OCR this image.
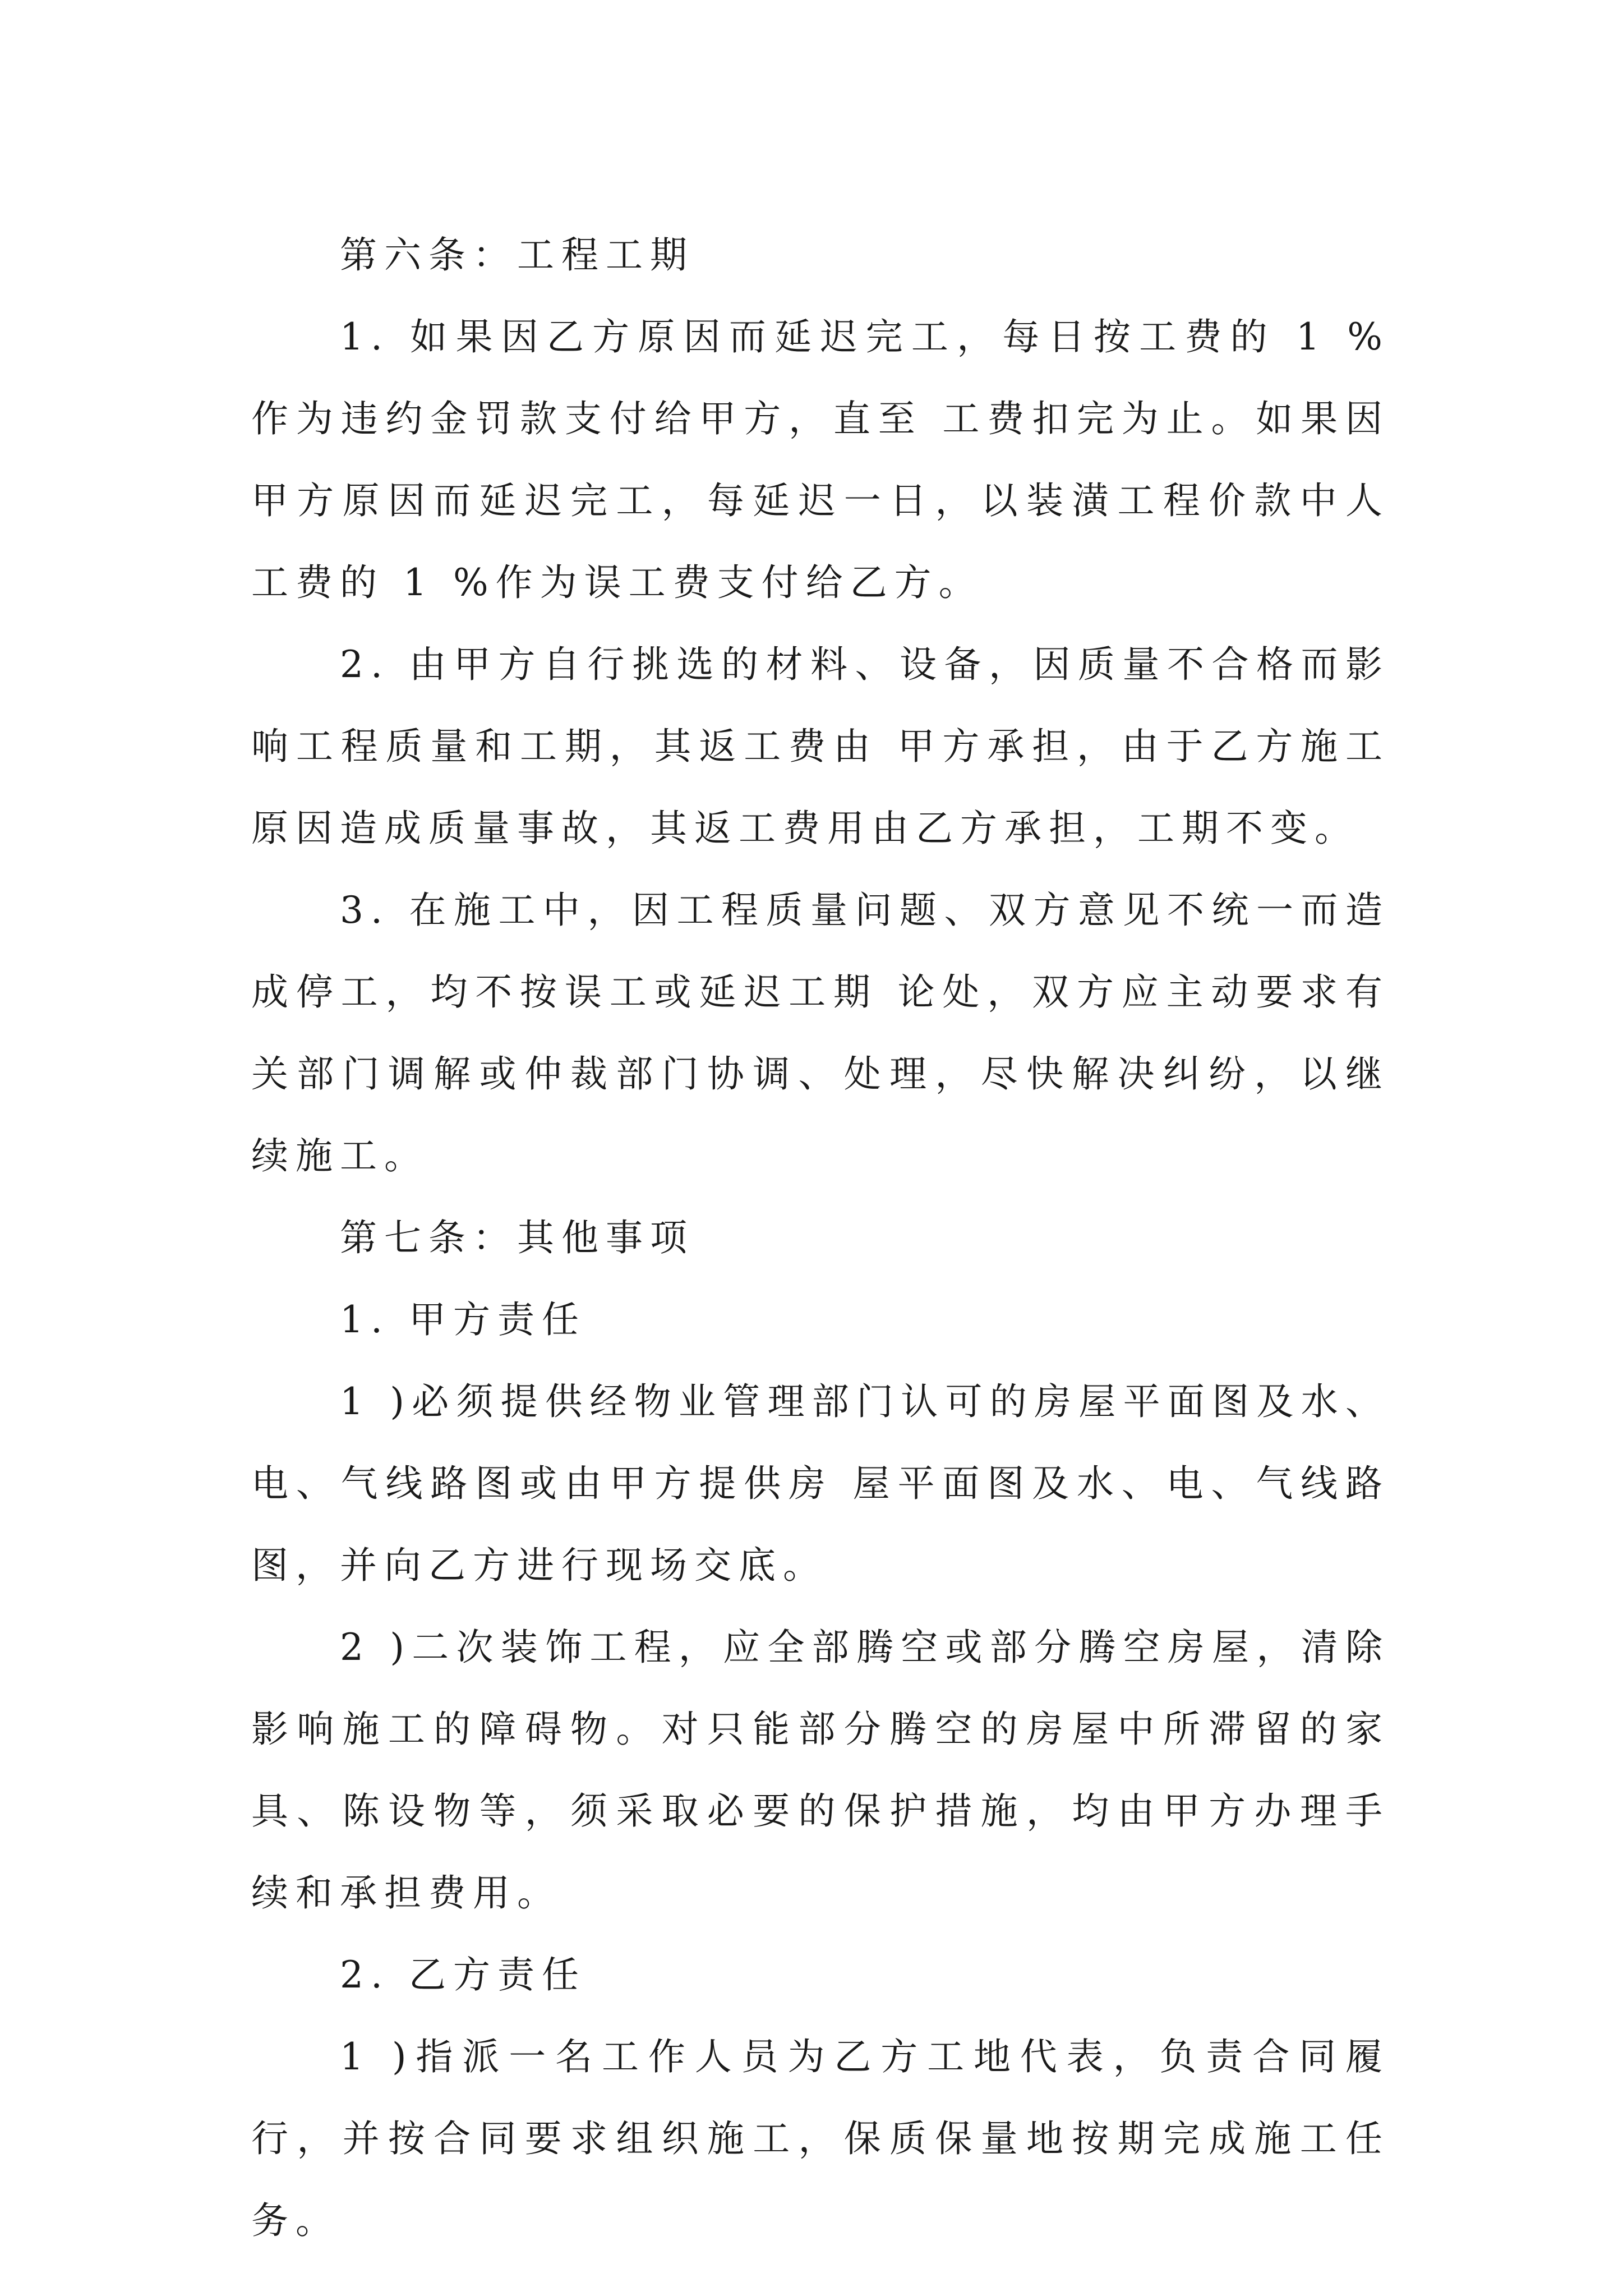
第六条：工程工期

1. 如果因乙方原因而延迟完工，每日按工费的 1 %作为违约金罚款支付给甲方，直至 工费扣完为止。如果因甲方原因而延迟完工，每延迟一日，以装潢工程价款中人工费的 1 %作为误工费支付给乙方。

2. 由甲方自行挑选的材料、设备，因质量不合格而影响工程质量和工期，其返工费由 甲方承担，由于乙方施工原因造成质量事故，其返工费用由乙方承担，工期不变。

3. 在施工中，因工程质量问题、双方意见不统一而造成停工，均不按误工或延迟工期 论处，双方应主动要求有关部门调解或仲裁部门协调、处理，尽快解决纠纷，以继续施工。

第七条：其他事项

1. 甲方责任

1 )必须提供经物业管理部门认可的房屋平面图及水、电、气线路图或由甲方提供房 屋平面图及水、电、气线路图，并向乙方进行现场交底。

2 )二次装饰工程，应全部腾空或部分腾空房屋，清除影响施工的障碍物。对只能部分腾空的房屋中所滞留的家具、陈设物等，须采取必要的保护措施，均由甲方办理手续和承担费用。

2. 乙方责任

1 )指派一名工作人员为乙方工地代表，负责合同履行，并按合同要求组织施工，保质保量地按期完成施工任务。
